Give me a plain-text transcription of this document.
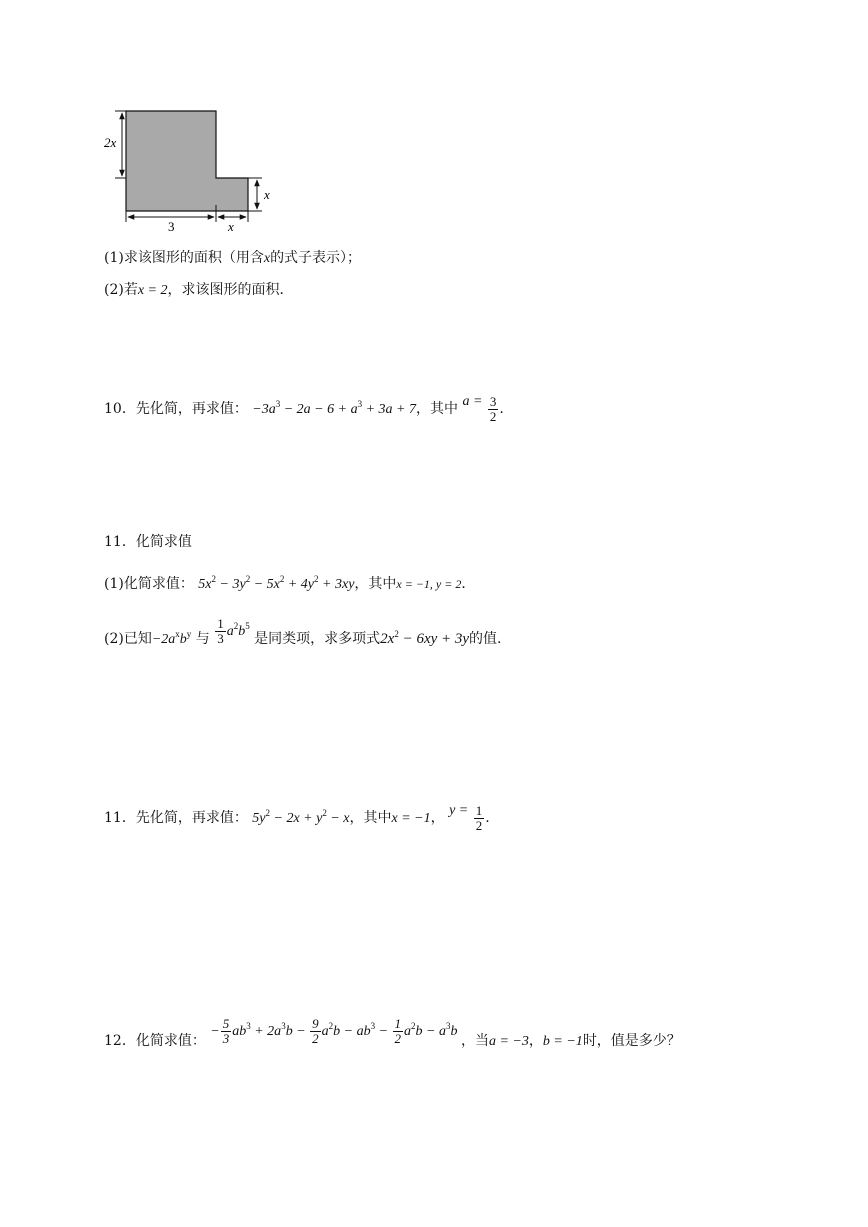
2x
x
3	x
(1)求该图形的面积（用含x的式子表示）；
(2)若x = 2，求该图形的面积．
10．先化简，再求值： $-3a^3 - 2a - 6 + a^3 + 3a + 7$，其中 $a = \frac{3}{2}$ .
11．化简求值
(1)化简求值： $5x^2 - 3y^2 - 5x^2 + 4y^2 + 3xy$，其中x = −1, y = 2．
(2)已知$-2a^xb^y$ 与 $\frac{1}{3} a^2b^5$ 是同类项，求多项式$2x^2 - 6xy + 3y$的值.
11．先化简，再求值： $5y^2 - 2x + y^2 - x$，其中x = −1， $y = \frac{1}{2}$ .
12．化简求值： − $\frac{5}{3} ab^3 + 2a^3b - \frac{9}{2} a^2b - ab^3 - \frac{1}{2} a^2b - a^3b$ ，当a = −3，b = −1时，值是多少？
